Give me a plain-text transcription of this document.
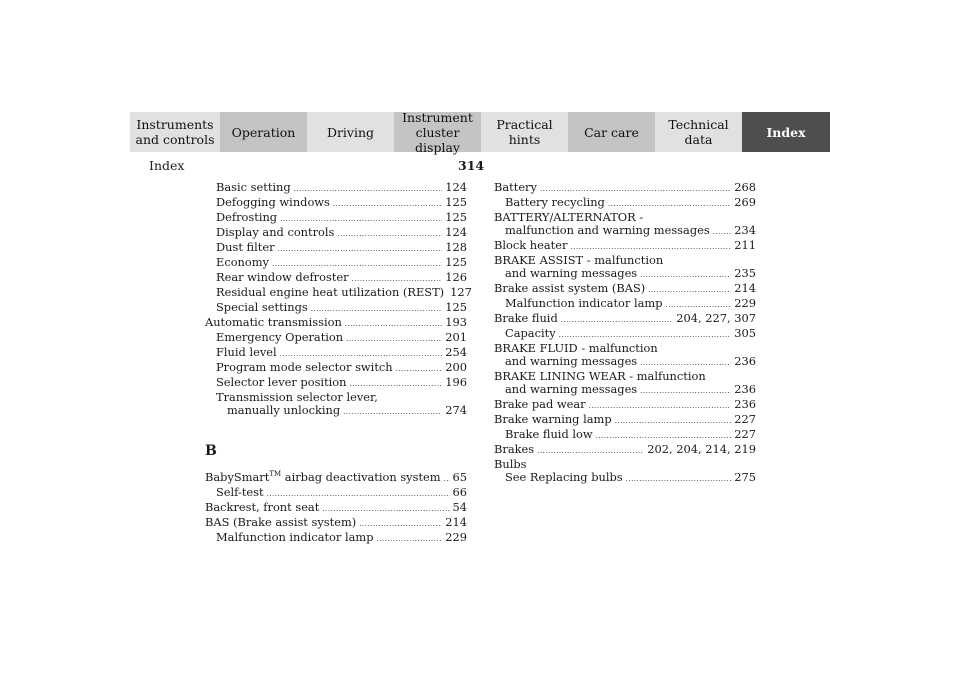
Instruments
and controls Operation	Driving
Instrument
cluster display
Practical hints	Car care Technical
data	Index
Index	314
Basic setting .....	124
Defogging windows .....	125
Defrosting .....	125
Display and controls .....	124
Dust filter .....	128
Economy .....	125
Rear window defroster .....	126
Residual engine heat utilization (REST) 127
Special settings .....	125
Automatic transmission .....	193
Emergency Operation .....	201
Fluid level .....	254
Program mode selector switch .....	200
Selector lever position .....	196
Transmission selector lever,
manually unlocking .....	274
B
BabySmart™ airbag deactivation system ..... 65
Self-test .....	66
Backrest, front seat .....	54
BAS (Brake assist system) .....	214
Malfunction indicator lamp .....	229
Battery .....	268
Battery recycling .....	269
BATTERY/ALTERNATOR -
malfunction and warning messages ..... 234
Block heater .....	211
BRAKE ASSIST - malfunction
and warning messages .....	235
Brake assist system (BAS) .....	214
Malfunction indicator lamp .....	229
Brake fluid .....	204, 227, 307
Capacity .....	305
BRAKE FLUID - malfunction
and warning messages .....	236
BRAKE LINING WEAR - malfunction
and warning messages .....	236
Brake pad wear .....	236
Brake warning lamp .....	227
Brake fluid low .....	227
Brakes .....	202, 204, 214, 219
Bulbs
See Replacing bulbs .....	275
